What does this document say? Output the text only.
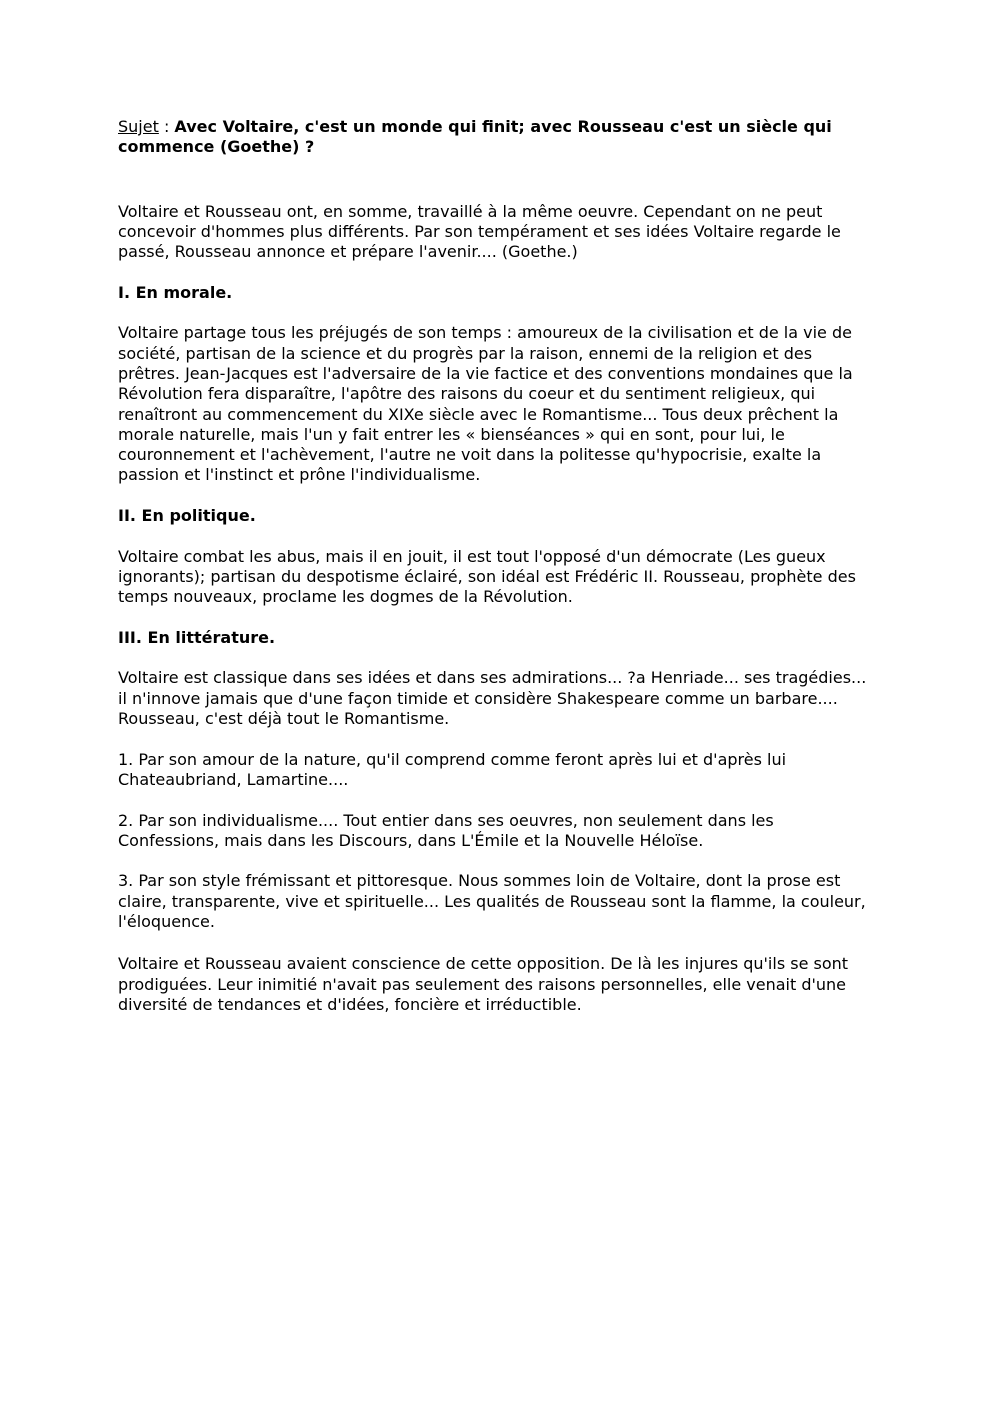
Sujet : Avec Voltaire, c'est un monde qui finit; avec Rousseau c'est un siècle qui commence (Goethe) ?

Voltaire et Rousseau ont, en somme, travaillé à la même oeuvre. Cependant on ne peut concevoir d'hommes plus différents. Par son tempérament et ses idées Voltaire regarde le passé, Rousseau annonce et prépare l'avenir.... (Goethe.)

I. En morale.

Voltaire partage tous les préjugés de son temps : amoureux de la civilisation et de la vie de société, partisan de la science et du progrès par la raison, ennemi de la religion et des prêtres. Jean-Jacques est l'adversaire de la vie factice et des conventions mondaines que la Révolution fera disparaître, l'apôtre des raisons du coeur et du sentiment religieux, qui renaîtront au commencement du XIXe siècle avec le Romantisme... Tous deux prêchent la morale naturelle, mais l'un y fait entrer les « bienséances » qui en sont, pour lui, le couronnement et l'achèvement, l'autre ne voit dans la politesse qu'hypocrisie, exalte la passion et l'instinct et prône l'individualisme.

II. En politique.

Voltaire combat les abus, mais il en jouit, il est tout l'opposé d'un démocrate (Les gueux ignorants); partisan du despotisme éclairé, son idéal est Frédéric II. Rousseau, prophète des temps nouveaux, proclame les dogmes de la Révolution.

III. En littérature.

Voltaire est classique dans ses idées et dans ses admirations... ?a Henriade... ses tragédies... il n'innove jamais que d'une façon timide et considère Shakespeare comme un barbare.... Rousseau, c'est déjà tout le Romantisme.

1. Par son amour de la nature, qu'il comprend comme feront après lui et d'après lui Chateaubriand, Lamartine....

2. Par son individualisme.... Tout entier dans ses oeuvres, non seulement dans les Confessions, mais dans les Discours, dans L'Émile et la Nouvelle Héloïse.

3. Par son style frémissant et pittoresque. Nous sommes loin de Voltaire, dont la prose est claire, transparente, vive et spirituelle... Les qualités de Rousseau sont la flamme, la couleur, l'éloquence.

Voltaire et Rousseau avaient conscience de cette opposition. De là les injures qu'ils se sont prodiguées. Leur inimitié n'avait pas seulement des raisons personnelles, elle venait d'une diversité de tendances et d'idées, foncière et irréductible.
